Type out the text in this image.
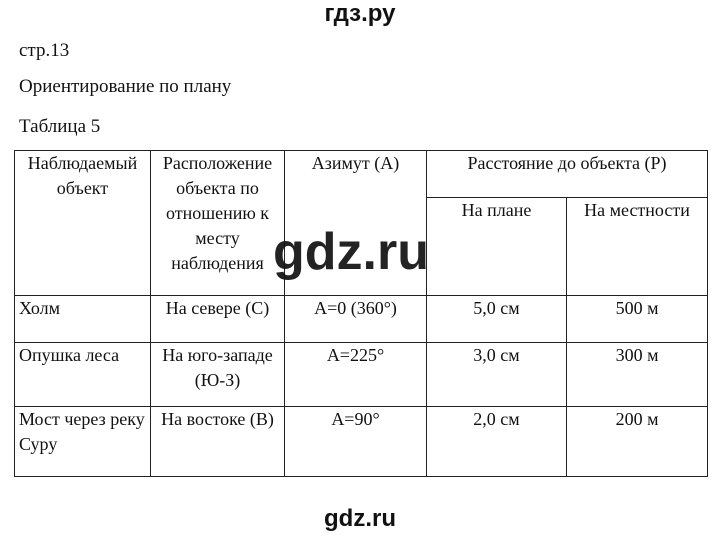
гдз.ру
стр.13
Ориентирование по плану
Таблица 5
Наблюдаемый объект	Расположение объекта по отношению к месту наблюдения	Азимут (А)	Расстояние до объекта (Р)	
			На плане	На местности
Холм	На севере (С)	А=0 (360°)	5,0 см	500 м
Опушка леса	На юго-западе (Ю-З)	А=225°	3,0 см	300 м
Мост через реку Суру	На востоке (В)	А=90°	2,0 см	200 м
gdz.ru
gdz.ru
